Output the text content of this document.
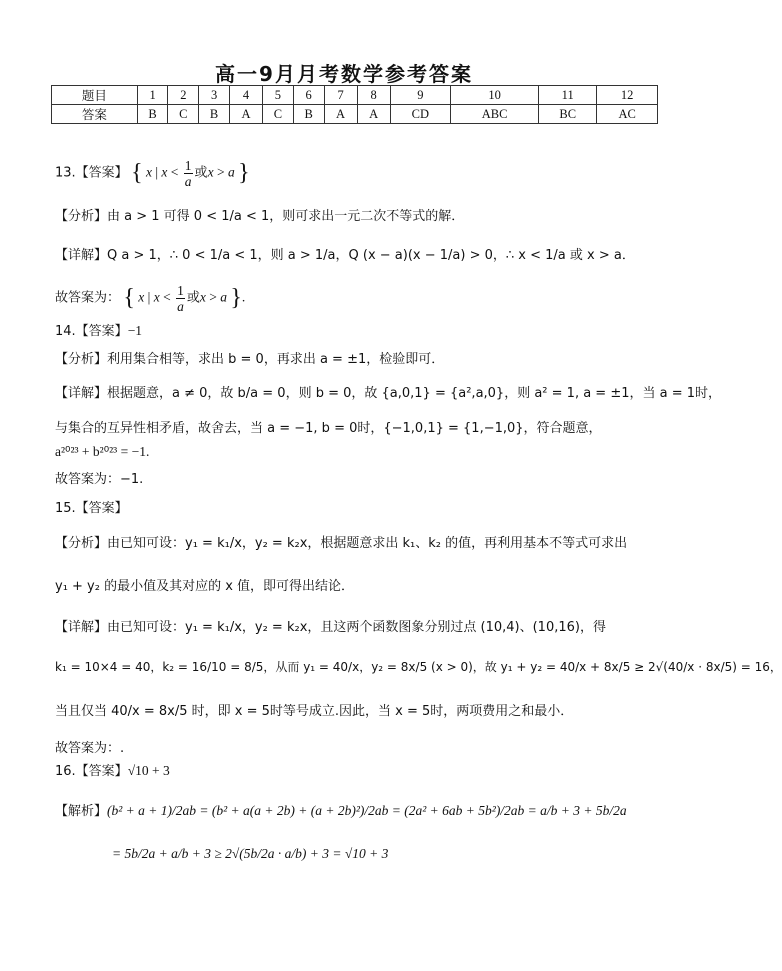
高一9月月考数学参考答案
题目	1	2	3	4	5	6	7	8	9	10	11	12
答案	B	C	B	A	C	B	A	A	CD	ABC	BC	AC
13.【答案】 { x | $x < \frac{1}{a}$ 或x > a }
【分析】由 a > 1 可得 0 < 1/a < 1，则可求出一元二次不等式的解．
【详解】Q a > 1，∴ 0 < 1/a < 1，则 a > 1/a，Q (x − a)(x − 1/a) > 0，∴ x < 1/a 或 x > a．
故答案为： { x | $x < \frac{1}{a}$ 或x > a }.
14.【答案】−1
【分析】利用集合相等，求出 b = 0，再求出 a = ±1，检验即可．
【详解】根据题意，a ≠ 0，故 b/a = 0，则 b = 0，故 {a,0,1} = {a²,a,0}，则 a² = 1, a = ±1，当 a = 1时，
与集合的互异性相矛盾，故舍去，当 a = −1, b = 0时，{−1,0,1} = {1,−1,0}，符合题意，
a²⁰²³ + b²⁰²³ = −1.
故答案为：−1.
15.【答案】
【分析】由已知可设：y₁ = k₁/x，y₂ = k₂x，根据题意求出 k₁、k₂ 的值，再利用基本不等式可求出
y₁ + y₂ 的最小值及其对应的 x 值，即可得出结论．
【详解】由已知可设：y₁ = k₁/x，y₂ = k₂x，且这两个函数图象分别过点 (10,4)、(10,16)，得
k₁ = 10×4 = 40，k₂ = 16/10 = 8/5，从而 y₁ = 40/x，y₂ = 8x/5 (x > 0)，故 y₁ + y₂ = 40/x + 8x/5 ≥ 2√(40/x · 8x/5) = 16，
当且仅当 40/x = 8x/5 时，即 x = 5时等号成立.因此，当 x = 5时，两项费用之和最小．
故答案为：.
16.【答案】√10 + 3
【解析】(b² + a + 1)/2ab = (b² + a(a + 2b) + (a + 2b)²)/2ab = (2a² + 6ab + 5b²)/2ab = a/b + 3 + 5b/2a
= 5b/2a + a/b + 3 ≥ 2√(5b/2a · a/b) + 3 = √10 + 3
